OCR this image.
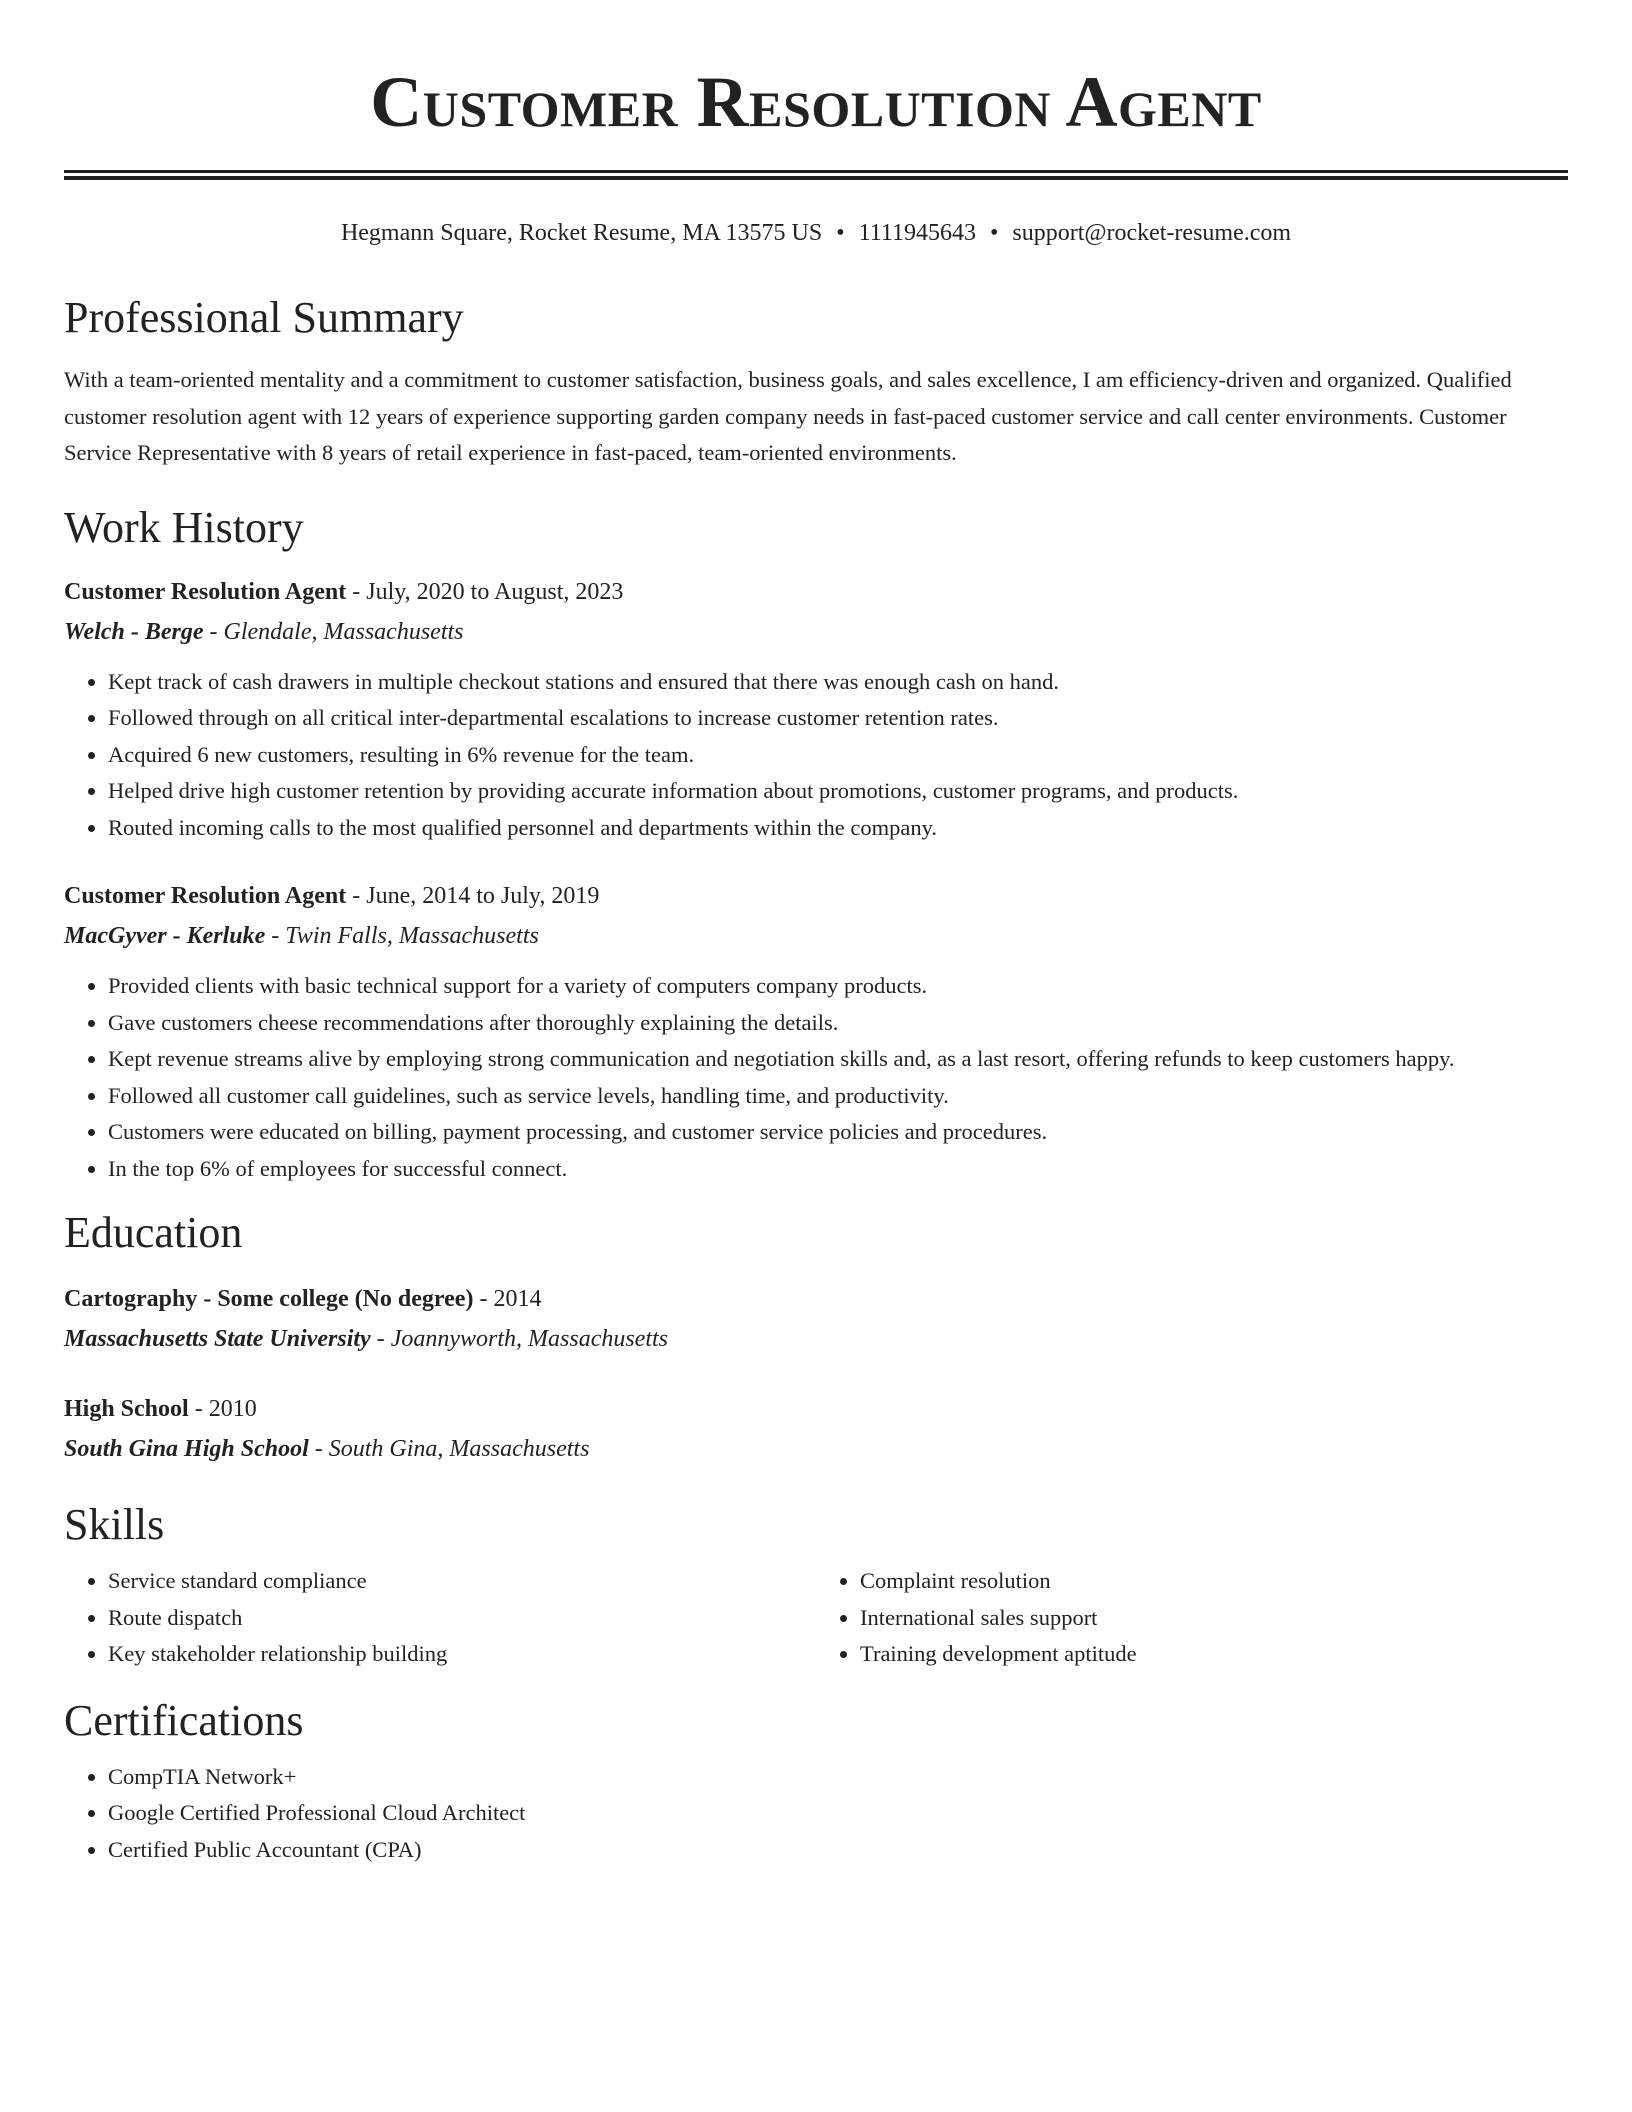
Customer Resolution Agent
Hegmann Square, Rocket Resume, MA 13575 US • 1111945643 • support@rocket-resume.com
Professional Summary

With a team-oriented mentality and a commitment to customer satisfaction, business goals, and sales excellence, I am efficiency-driven and organized. Qualified customer resolution agent with 12 years of experience supporting garden company needs in fast-paced customer service and call center environments. Customer Service Representative with 8 years of retail experience in fast-paced, team-oriented environments.

Work History
Customer Resolution Agent - July, 2020 to August, 2023
Welch - Berge - Glendale, Massachusetts
• Kept track of cash drawers in multiple checkout stations and ensured that there was enough cash on hand.
• Followed through on all critical inter-departmental escalations to increase customer retention rates.
• Acquired 6 new customers, resulting in 6% revenue for the team.
• Helped drive high customer retention by providing accurate information about promotions, customer programs, and products.
• Routed incoming calls to the most qualified personnel and departments within the company.
Customer Resolution Agent - June, 2014 to July, 2019
MacGyver - Kerluke - Twin Falls, Massachusetts
• Provided clients with basic technical support for a variety of computers company products.
• Gave customers cheese recommendations after thoroughly explaining the details.
• Kept revenue streams alive by employing strong communication and negotiation skills and, as a last resort, offering refunds to keep customers happy.
• Followed all customer call guidelines, such as service levels, handling time, and productivity.
• Customers were educated on billing, payment processing, and customer service policies and procedures.
• In the top 6% of employees for successful connect.
Education
Cartography - Some college (No degree) - 2014
Massachusetts State University - Joannyworth, Massachusetts
High School - 2010
South Gina High School - South Gina, Massachusetts
Skills
• Service standard compliance
• Route dispatch
• Key stakeholder relationship building
• Complaint resolution
• International sales support
• Training development aptitude
Certifications
• CompTIA Network+
• Google Certified Professional Cloud Architect
• Certified Public Accountant (CPA)
